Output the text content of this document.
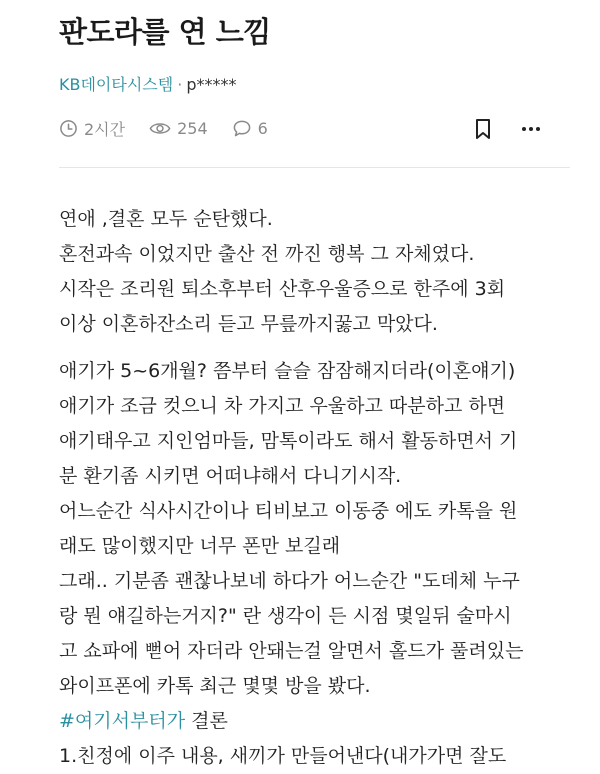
판도라를 연 느낌
KB데이타시스템 · p*****
2시간	254	6

연애 ,결혼 모두 순탄했다.
혼전과속 이었지만 출산 전 까진 행복 그 자체였다.
시작은 조리원 퇴소후부터 산후우울증으로 한주에 3회
이상 이혼하잔소리 듣고 무릎까지꿇고 막았다.

애기가 5~6개월? 쯤부터 슬슬 잠잠해지더라(이혼얘기)
애기가 조금 컷으니 차 가지고 우울하고 따분하고 하면
애기태우고 지인엄마들, 맘톡이라도 해서 활동하면서 기
분 환기좀 시키면 어떠냐해서 다니기시작.
어느순간 식사시간이나 티비보고 이동중 에도 카톡을 원
래도 많이했지만 너무 폰만 보길래
그래.. 기분좀 괜찮나보네 하다가 어느순간 "도데체 누구
랑 뭔 얘길하는거지?" 란 생각이 든 시점 몇일뒤 술마시
고 쇼파에 뻗어 자더라 안돼는걸 알면서 홀드가 풀려있는
와이프폰에 카톡 최근 몇몇 방을 봤다.
#여기서부터가 결론
1.친정에 이주 내용, 새끼가 만들어낸다(내가가면 잘도
